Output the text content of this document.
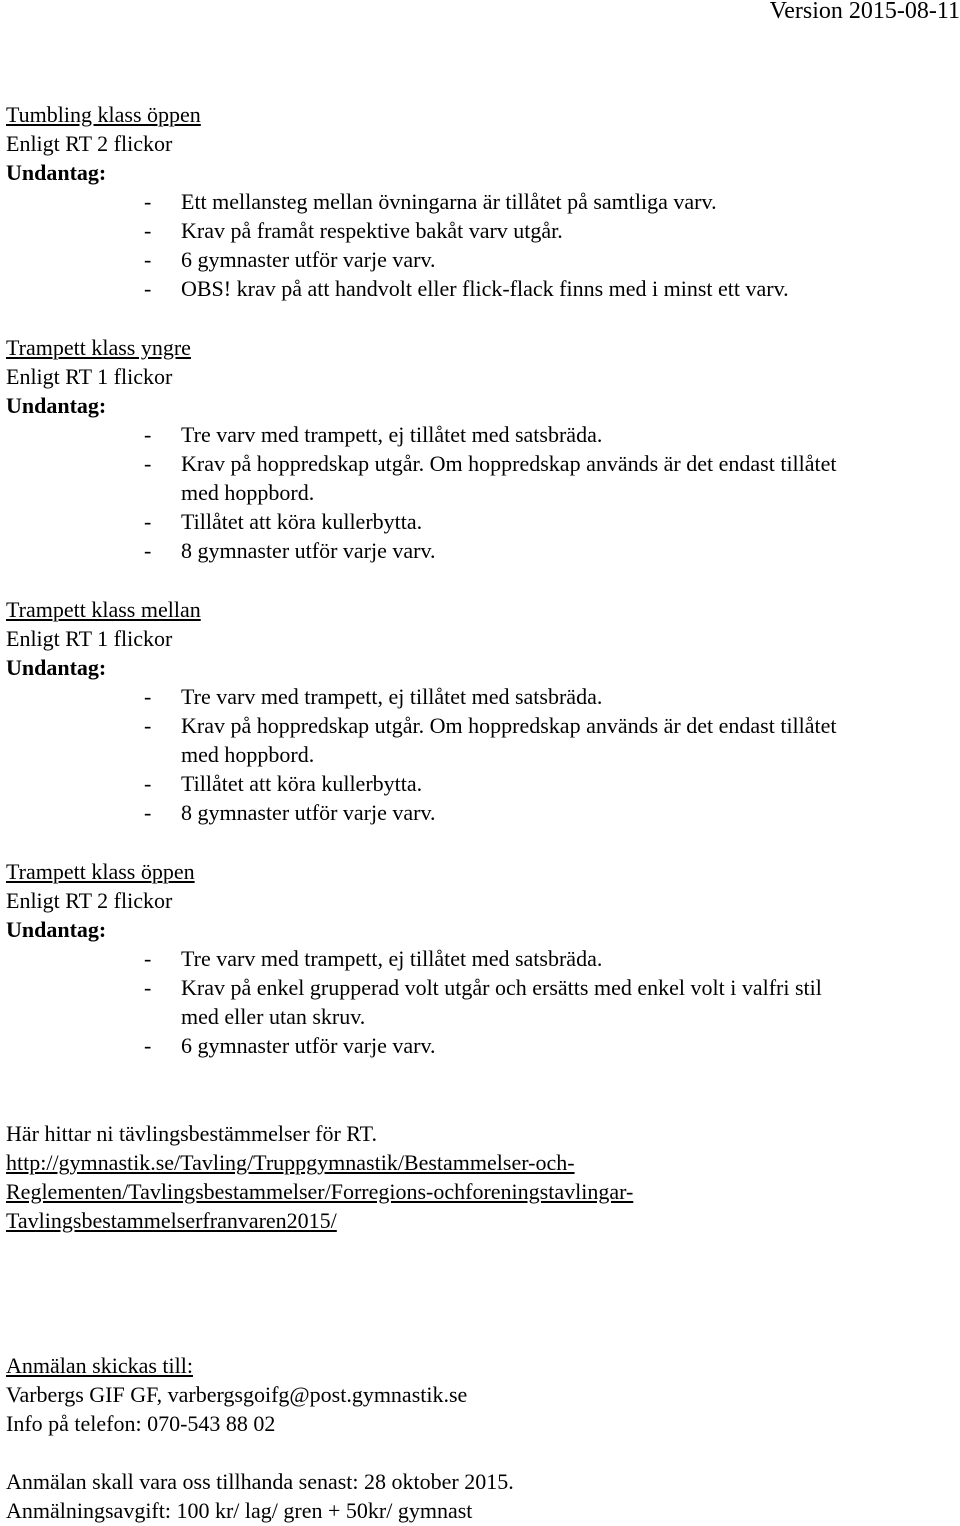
Version 2015-08-11
Tumbling klass öppen
Enligt RT 2 flickor
Undantag:
- Ett mellansteg mellan övningarna är tillåtet på samtliga varv.
- Krav på framåt respektive bakåt varv utgår.
- 6 gymnaster utför varje varv.
- OBS! krav på att handvolt eller flick-flack finns med i minst ett varv.
Trampett klass yngre
Enligt RT 1 flickor
Undantag:
- Tre varv med trampett, ej tillåtet med satsbräda.
- Krav på hoppredskap utgår. Om hoppredskap används är det endast tillåtet
med hoppbord.
- Tillåtet att köra kullerbytta.
- 8 gymnaster utför varje varv.
Trampett klass mellan
Enligt RT 1 flickor
Undantag:
- Tre varv med trampett, ej tillåtet med satsbräda.
- Krav på hoppredskap utgår. Om hoppredskap används är det endast tillåtet
med hoppbord.
- Tillåtet att köra kullerbytta.
- 8 gymnaster utför varje varv.
Trampett klass öppen
Enligt RT 2 flickor
Undantag:
- Tre varv med trampett, ej tillåtet med satsbräda.
- Krav på enkel grupperad volt utgår och ersätts med enkel volt i valfri stil
med eller utan skruv.
- 6 gymnaster utför varje varv.
Här hittar ni tävlingsbestämmelser för RT.
http://gymnastik.se/Tavling/Truppgymnastik/Bestammelser-och-
Reglementen/Tavlingsbestammelser/Forregions-ochforeningstavlingar-
Tavlingsbestammelserfranvaren2015/
Anmälan skickas till:
Varbergs GIF GF, varbergsgoifg@post.gymnastik.se
Info på telefon: 070-543 88 02
Anmälan skall vara oss tillhanda senast: 28 oktober 2015.
Anmälningsavgift: 100 kr/ lag/ gren + 50kr/ gymnast
